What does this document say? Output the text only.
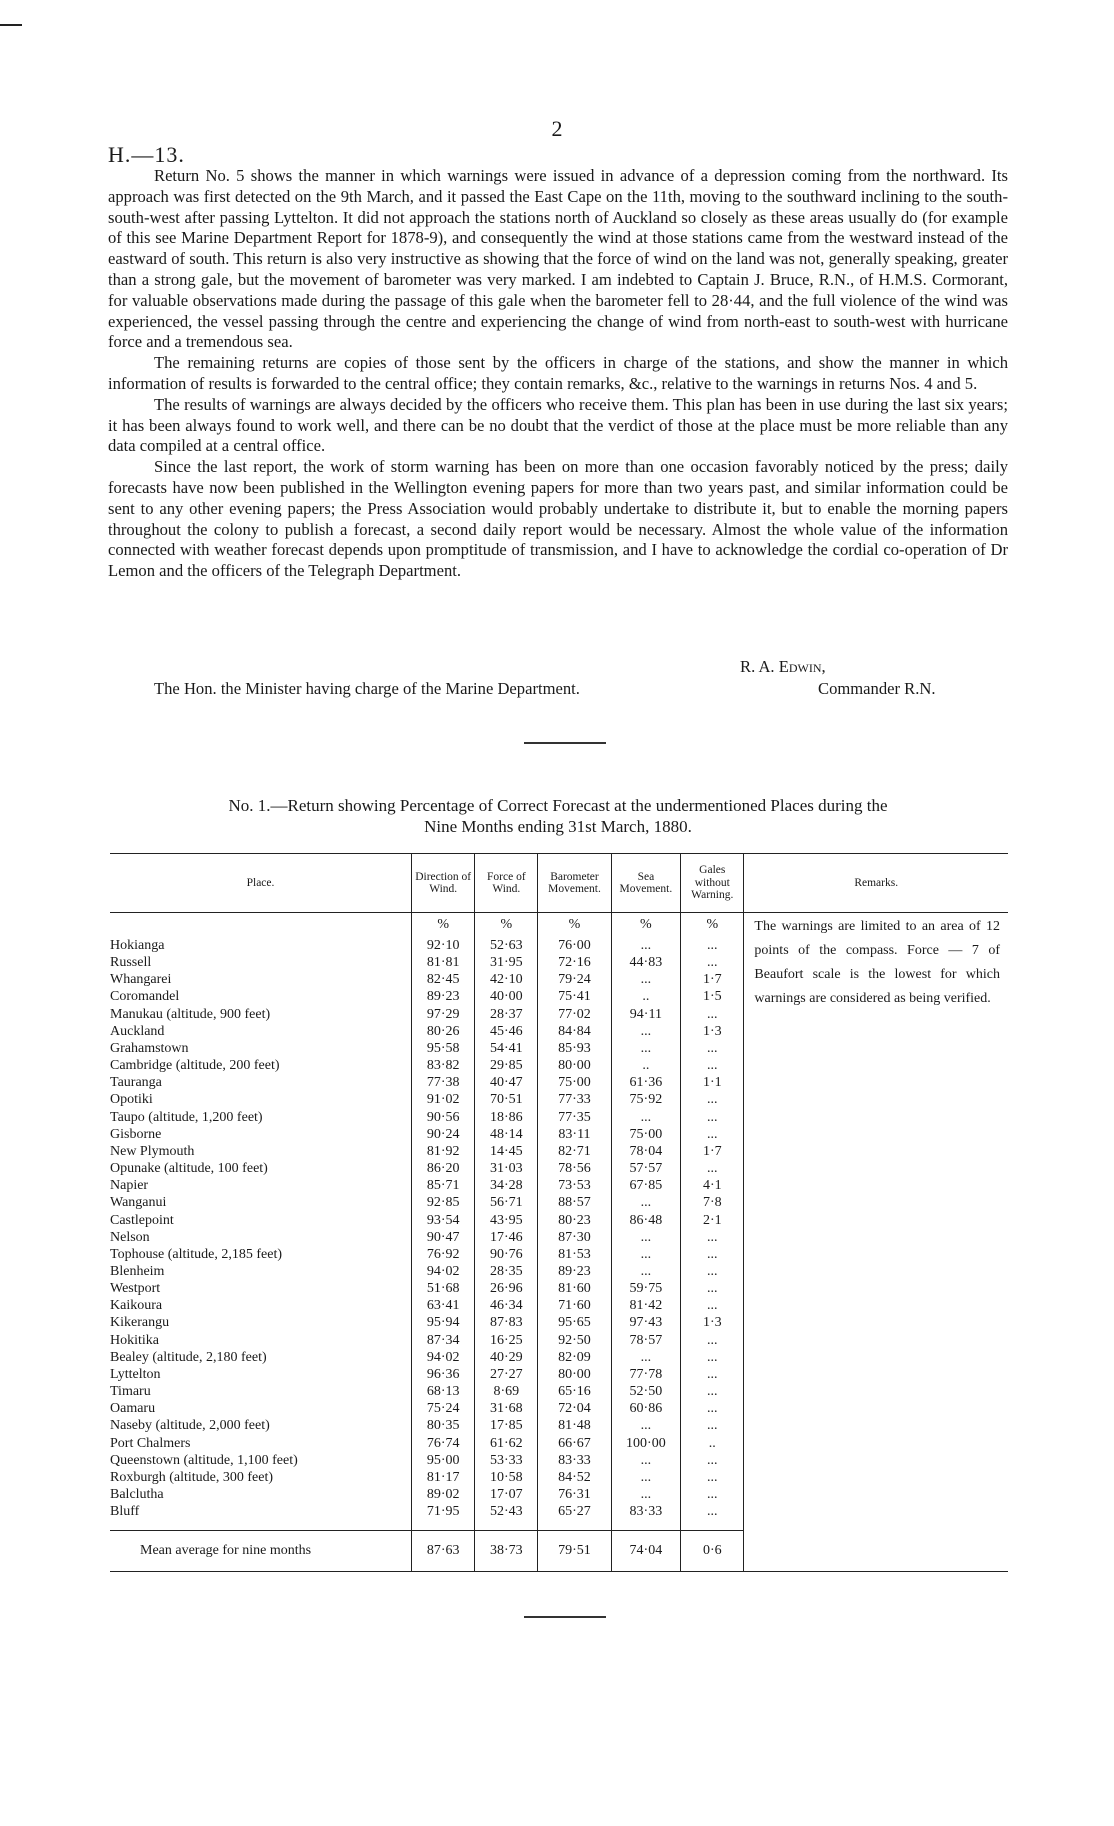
2
H.—13.

Return No. 5 shows the manner in which warnings were issued in advance of a depression coming from the northward. Its approach was first detected on the 9th March, and it passed the East Cape on the 11th, moving to the southward inclining to the south-south-west after passing Lyttelton. It did not approach the stations north of Auckland so closely as these areas usually do (for example of this see Marine Department Report for 1878-9), and consequently the wind at those stations came from the westward instead of the eastward of south. This return is also very instructive as showing that the force of wind on the land was not, generally speaking, greater than a strong gale, but the movement of barometer was very marked. I am indebted to Captain J. Bruce, R.N., of H.M.S. Cormorant, for valuable observations made during the passage of this gale when the barometer fell to 28·44, and the full violence of the wind was experienced, the vessel passing through the centre and experiencing the change of wind from north-east to south-west with hurricane force and a tremendous sea.

The remaining returns are copies of those sent by the officers in charge of the stations, and show the manner in which information of results is forwarded to the central office; they contain remarks, &c., relative to the warnings in returns Nos. 4 and 5.

The results of warnings are always decided by the officers who receive them. This plan has been in use during the last six years; it has been always found to work well, and there can be no doubt that the verdict of those at the place must be more reliable than any data compiled at a central office.

Since the last report, the work of storm warning has been on more than one occasion favorably noticed by the press; daily forecasts have now been published in the Wellington evening papers for more than two years past, and similar information could be sent to any other evening papers; the Press Association would probably undertake to distribute it, but to enable the morning papers throughout the colony to publish a forecast, a second daily report would be necessary. Almost the whole value of the information connected with weather forecast depends upon promptitude of transmission, and I have to acknowledge the cordial co-operation of Dr Lemon and the officers of the Telegraph Department.

R. A. Edwin,
The Hon. the Minister having charge of the Marine Department.	Commander R.N.
No. 1.—Return showing Percentage of Correct Forecast at the undermentioned Places during the
Nine Months ending 31st March, 1880.
Place.	Direction of Wind.	Force of Wind.	Barometer Movement.	Sea Movement.	Gales without Warning.	Remarks.
	%	%	%	%	%	The warnings are limited to an area of 12 points of the compass. Force — 7 of Beaufort scale is the lowest for which warnings are considered as being verified.
Hokianga	92·10	52·63	76·00	...	...	
Russell	81·81	31·95	72·16	44·83	...	
Whangarei	82·45	42·10	79·24	...	1·7	
Coromandel	89·23	40·00	75·41	..	1·5	
Manukau (altitude, 900 feet)	97·29	28·37	77·02	94·11	...	
Auckland	80·26	45·46	84·84	...	1·3	
Grahamstown	95·58	54·41	85·93	...	...	
Cambridge (altitude, 200 feet)	83·82	29·85	80·00	..	...	
Tauranga	77·38	40·47	75·00	61·36	1·1	
Opotiki	91·02	70·51	77·33	75·92	...	
Taupo (altitude, 1,200 feet)	90·56	18·86	77·35	...	...	
Gisborne	90·24	48·14	83·11	75·00	...	
New Plymouth	81·92	14·45	82·71	78·04	1·7	
Opunake (altitude, 100 feet)	86·20	31·03	78·56	57·57	...	
Napier	85·71	34·28	73·53	67·85	4·1	
Wanganui	92·85	56·71	88·57	...	7·8	
Castlepoint	93·54	43·95	80·23	86·48	2·1	
Nelson	90·47	17·46	87·30	...	...	
Tophouse (altitude, 2,185 feet)	76·92	90·76	81·53	...	...	
Blenheim	94·02	28·35	89·23	...	...	
Westport	51·68	26·96	81·60	59·75	...	
Kaikoura	63·41	46·34	71·60	81·42	...	
Kikerangu	95·94	87·83	95·65	97·43	1·3	
Hokitika	87·34	16·25	92·50	78·57	...	
Bealey (altitude, 2,180 feet)	94·02	40·29	82·09	...	...	
Lyttelton	96·36	27·27	80·00	77·78	...	
Timaru	68·13	8·69	65·16	52·50	...	
Oamaru	75·24	31·68	72·04	60·86	...	
Naseby (altitude, 2,000 feet)	80·35	17·85	81·48	...	...	
Port Chalmers	76·74	61·62	66·67	100·00	..	
Queenstown (altitude, 1,100 feet)	95·00	53·33	83·33	...	...	
Roxburgh (altitude, 300 feet)	81·17	10·58	84·52	...	...	
Balclutha	89·02	17·07	76·31	...	...	
Bluff	71·95	52·43	65·27	83·33	...	

Mean average for nine months	87·63	38·73	79·51	74·04	0·6	
